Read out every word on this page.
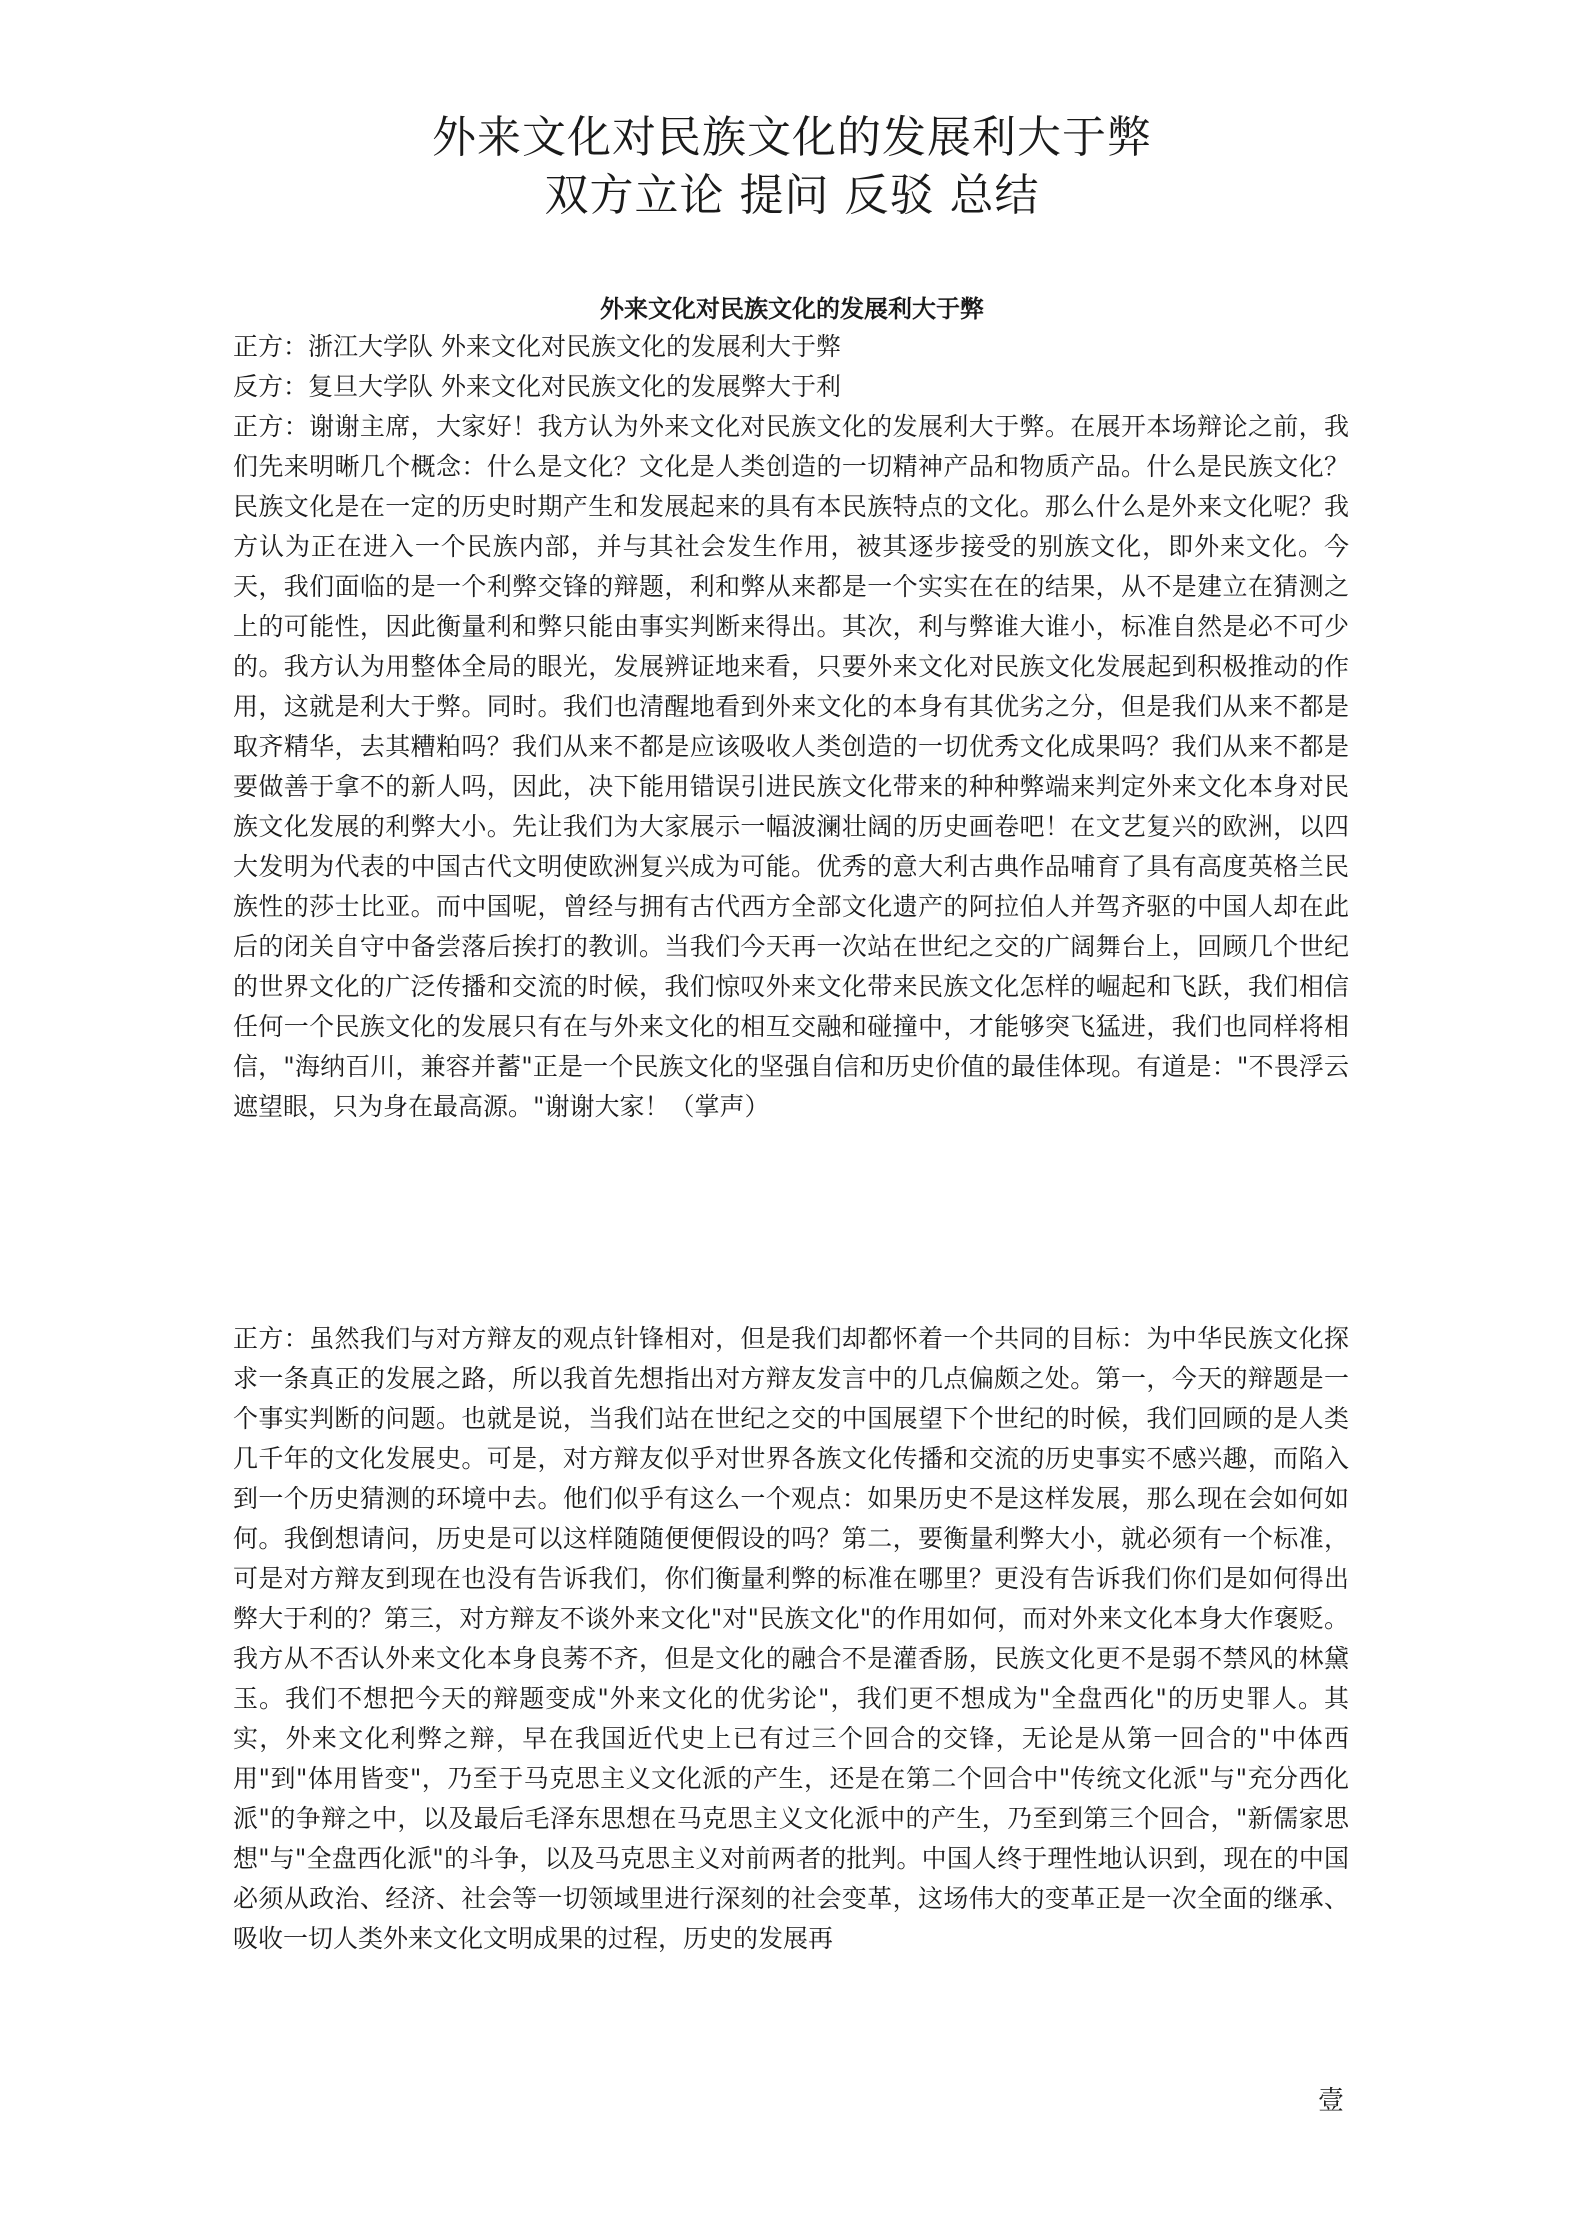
外来文化对民族文化的发展利大于弊
双方立论 提问 反驳 总结
外来文化对民族文化的发展利大于弊

正方：浙江大学队 外来文化对民族文化的发展利大于弊

反方：复旦大学队 外来文化对民族文化的发展弊大于利

正方：谢谢主席，大家好！我方认为外来文化对民族文化的发展利大于弊。在展开本场辩论之前，我们先来明晰几个概念：什么是文化？文化是人类创造的一切精神产品和物质产品。什么是民族文化？民族文化是在一定的历史时期产生和发展起来的具有本民族特点的文化。那么什么是外来文化呢？我方认为正在进入一个民族内部，并与其社会发生作用，被其逐步接受的别族文化，即外来文化。今天，我们面临的是一个利弊交锋的辩题，利和弊从来都是一个实实在在的结果，从不是建立在猜测之上的可能性，因此衡量利和弊只能由事实判断来得出。其次，利与弊谁大谁小，标准自然是必不可少的。我方认为用整体全局的眼光，发展辨证地来看，只要外来文化对民族文化发展起到积极推动的作用，这就是利大于弊。同时。我们也清醒地看到外来文化的本身有其优劣之分，但是我们从来不都是取齐精华，去其糟粕吗？我们从来不都是应该吸收人类创造的一切优秀文化成果吗？我们从来不都是要做善于拿不的新人吗，因此，决下能用错误引进民族文化带来的种种弊端来判定外来文化本身对民族文化发展的利弊大小。先让我们为大家展示一幅波澜壮阔的历史画卷吧！在文艺复兴的欧洲，以四大发明为代表的中国古代文明使欧洲复兴成为可能。优秀的意大利古典作品哺育了具有高度英格兰民族性的莎士比亚。而中国呢，曾经与拥有古代西方全部文化遗产的阿拉伯人并驾齐驱的中国人却在此后的闭关自守中备尝落后挨打的教训。当我们今天再一次站在世纪之交的广阔舞台上，回顾几个世纪的世界文化的广泛传播和交流的时候，我们惊叹外来文化带来民族文化怎样的崛起和飞跃，我们相信任何一个民族文化的发展只有在与外来文化的相互交融和碰撞中，才能够突飞猛进，我们也同样将相信，"海纳百川，兼容并蓄"正是一个民族文化的坚强自信和历史价值的最佳体现。有道是："不畏浮云遮望眼，只为身在最高源。"谢谢大家！（掌声）

正方：虽然我们与对方辩友的观点针锋相对，但是我们却都怀着一个共同的目标：为中华民族文化探求一条真正的发展之路，所以我首先想指出对方辩友发言中的几点偏颇之处。第一，今天的辩题是一个事实判断的问题。也就是说，当我们站在世纪之交的中国展望下个世纪的时候，我们回顾的是人类几千年的文化发展史。可是，对方辩友似乎对世界各族文化传播和交流的历史事实不感兴趣，而陷入到一个历史猜测的环境中去。他们似乎有这么一个观点：如果历史不是这样发展，那么现在会如何如何。我倒想请问，历史是可以这样随随便便假设的吗？第二，要衡量利弊大小，就必须有一个标准，可是对方辩友到现在也没有告诉我们，你们衡量利弊的标准在哪里？更没有告诉我们你们是如何得出弊大于利的？第三，对方辩友不谈外来文化"对"民族文化"的作用如何，而对外来文化本身大作褒贬。我方从不否认外来文化本身良莠不齐，但是文化的融合不是灌香肠，民族文化更不是弱不禁风的林黛玉。我们不想把今天的辩题变成"外来文化的优劣论"，我们更不想成为"全盘西化"的历史罪人。其实，外来文化利弊之辩，早在我国近代史上已有过三个回合的交锋，无论是从第一回合的"中体西用"到"体用皆变"，乃至于马克思主义文化派的产生，还是在第二个回合中"传统文化派"与"充分西化派"的争辩之中，以及最后毛泽东思想在马克思主义文化派中的产生，乃至到第三个回合，"新儒家思想"与"全盘西化派"的斗争，以及马克思主义对前两者的批判。中国人终于理性地认识到，现在的中国必须从政治、经济、社会等一切领域里进行深刻的社会变革，这场伟大的变革正是一次全面的继承、吸收一切人类外来文化文明成果的过程，历史的发展再

壹
